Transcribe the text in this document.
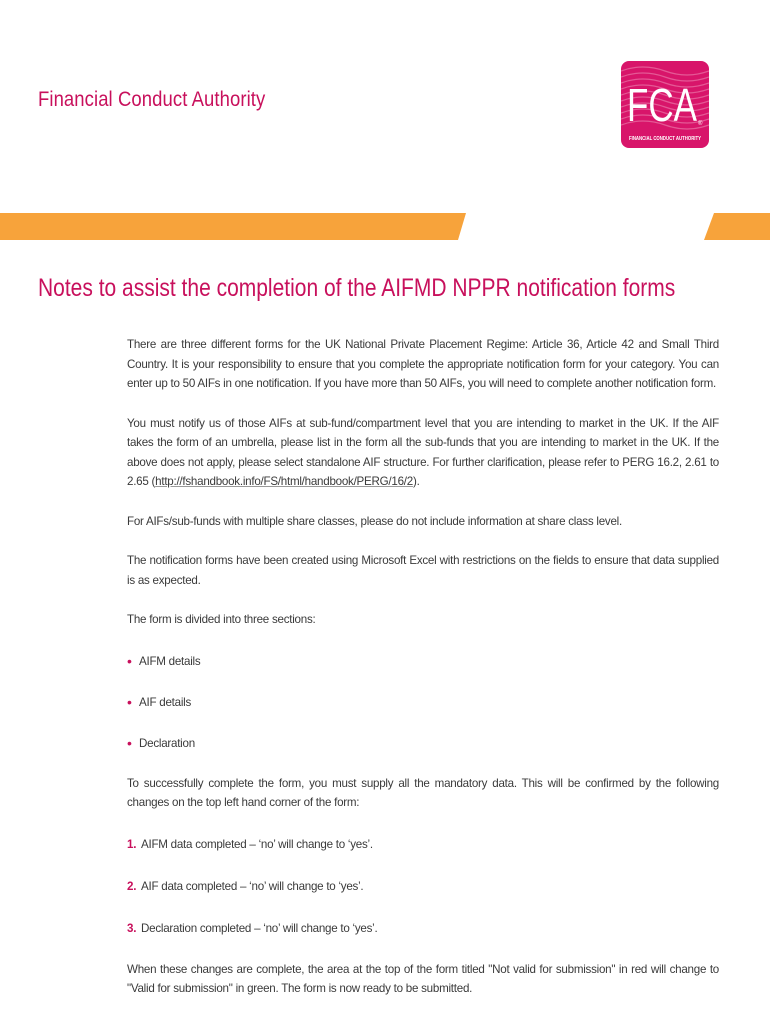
Financial Conduct Authority	FCA ®
FINANCIAL CONDUCT AUTHORITY
Notes to assist the completion of the AIFMD NPPR notification forms

There are three different forms for the UK National Private Placement Regime: Article 36, Article 42 and Small Third Country. It is your responsibility to ensure that you complete the appropriate notification form for your category. You can enter up to 50 AIFs in one notification. If you have more than 50 AIFs, you will need to complete another notification form.

You must notify us of those AIFs at sub-fund/compartment level that you are intending to market in the UK. If the AIF takes the form of an umbrella, please list in the form all the sub-funds that you are intending to market in the UK. If the above does not apply, please select standalone AIF structure. For further clarification, please refer to PERG 16.2, 2.61 to 2.65 (http://fshandbook.info/FS/html/handbook/PERG/16/2).

For AIFs/sub-funds with multiple share classes, please do not include information at share class level.

The notification forms have been created using Microsoft Excel with restrictions on the fields to ensure that data supplied is as expected.

The form is divided into three sections:

• AIFM details
• AIF details
• Declaration

To successfully complete the form, you must supply all the mandatory data. This will be confirmed by the following changes on the top left hand corner of the form:

1. AIFM data completed – ‘no’ will change to ‘yes’.
2. AIF data completed – ‘no’ will change to ‘yes’.
3. Declaration completed – ‘no’ will change to ‘yes’.

When these changes are complete, the area at the top of the form titled "Not valid for submission" in red will change to "Valid for submission" in green. The form is now ready to be submitted.
